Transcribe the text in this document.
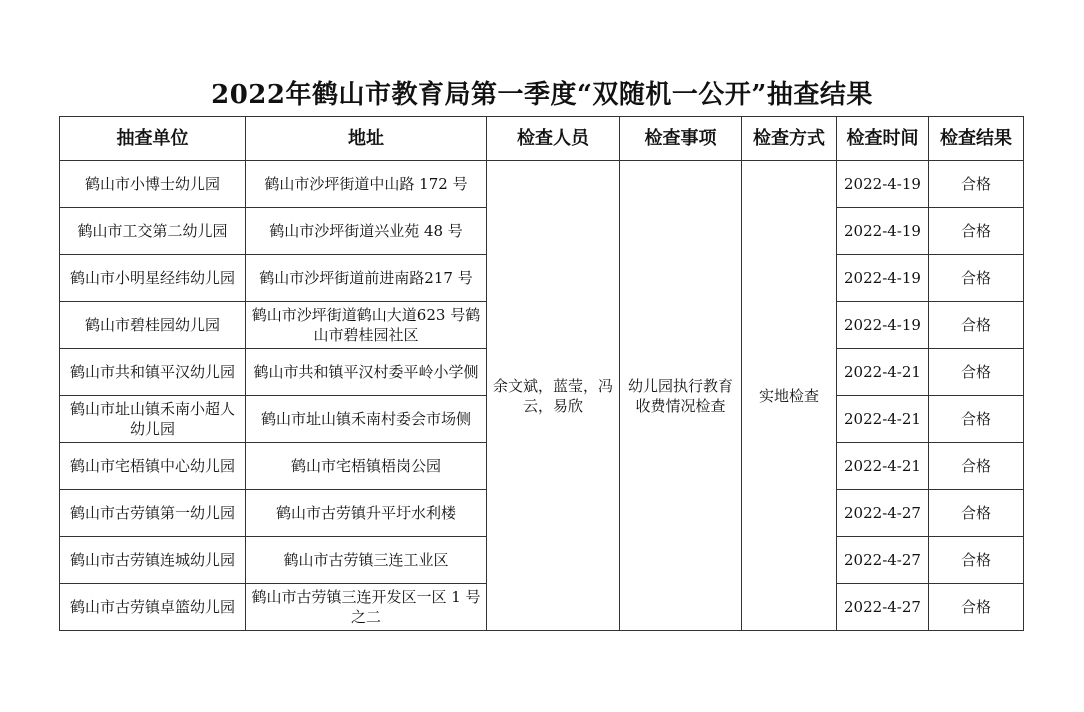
2022年鹤山市教育局第一季度“双随机一公开”抽查结果
抽查单位	地址	检查人员	检查事项	检查方式	检查时间	检查结果
鹤山市小博士幼儿园	鹤山市沙坪街道中山路 172 号	余文斌，蓝莹，冯云，易欣	幼儿园执行教育收费情况检查	实地检查	2022-4-19	合格
鹤山市工交第二幼儿园	鹤山市沙坪街道兴业苑 48 号				2022-4-19	合格
鹤山市小明星经纬幼儿园	鹤山市沙坪街道前进南路217 号				2022-4-19	合格
鹤山市碧桂园幼儿园	鹤山市沙坪街道鹤山大道623 号鹤山市碧桂园社区				2022-4-19	合格
鹤山市共和镇平汉幼儿园	鹤山市共和镇平汉村委平岭小学侧				2022-4-21	合格
鹤山市址山镇禾南小超人幼儿园	鹤山市址山镇禾南村委会市场侧				2022-4-21	合格
鹤山市宅梧镇中心幼儿园	鹤山市宅梧镇梧岗公园				2022-4-21	合格
鹤山市古劳镇第一幼儿园	鹤山市古劳镇升平圩水利楼				2022-4-27	合格
鹤山市古劳镇连城幼儿园	鹤山市古劳镇三连工业区				2022-4-27	合格
鹤山市古劳镇卓篮幼儿园	鹤山市古劳镇三连开发区一区 1 号之二				2022-4-27	合格
